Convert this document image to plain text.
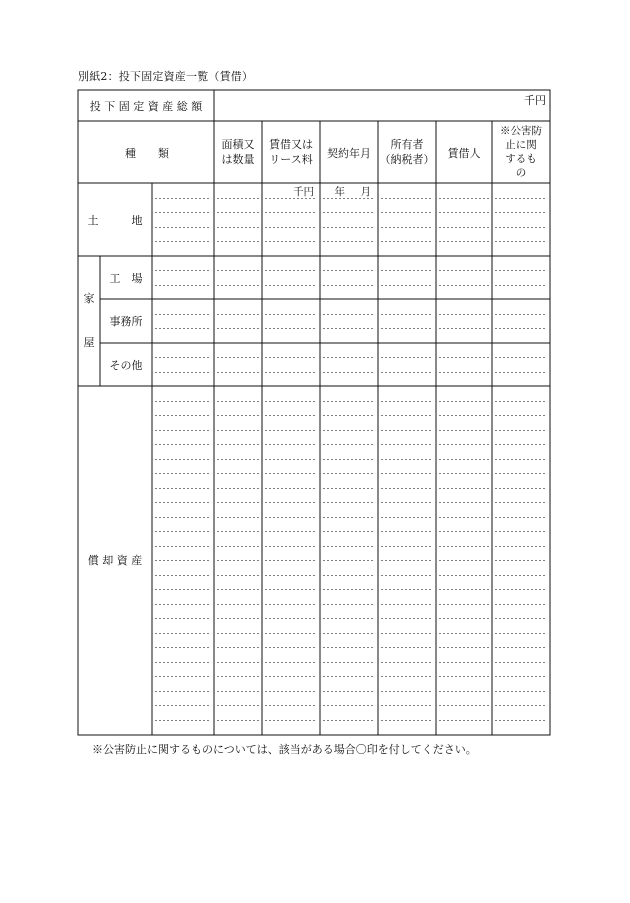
別紙2：投下固定資産一覧（賃借）
投 下 固 定 資 産 総 額	千円
種　　類
面積又
は数量
賃借又は
リース料 契約年月
所有者
（納税者） 賃借人
※公害防
止に関
するも
の
土　　　地
千円 年 月
家
屋
工　場
事務所
その他
償 却 資 産
※公害防止に関するものについては、該当がある場合〇印を付してください。
